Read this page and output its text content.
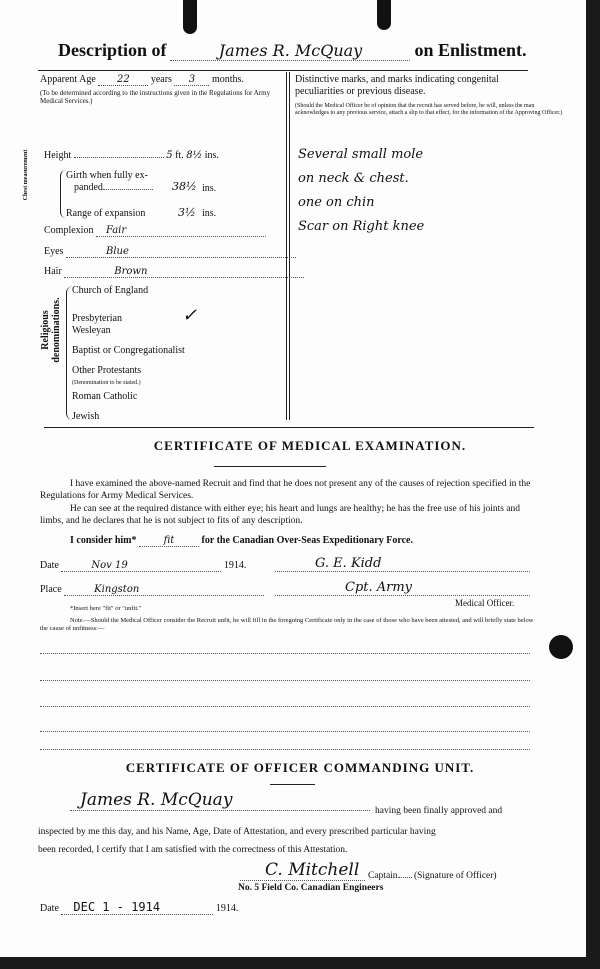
Description of	James R. McQuay	on Enlistment.
Apparent Age 22 years 3 months.
(To be determined according to the instructions given in the Regulations for Army Medical Services.)
Height	5 ft. 8½ ins.
Chest measurement	Girth when fully ex-
panded	38½ ins.
Range of expansion	3½ ins.
Complexion Fair
Eyes	Blue
Hair	Brown
Religious denominations.
Church of England
Presbyterian	✓
Wesleyan
Baptist or Congregationalist
Other Protestants
(Denomination to be stated.)
Roman Catholic
Jewish
Distinctive marks, and marks indicating congenital
peculiarities or previous disease.
(Should the Medical Officer be of opinion that the recruit has served before, he will, unless the man acknowledges to any previous service, attach a slip to that effect, for the information of the Approving Officer.)
Several small mole
on neck & chest.
one on chin
Scar on Right knee
CERTIFICATE OF MEDICAL EXAMINATION.
I have examined the above-named Recruit and find that he does not present any of the causes of rejection specified in the Regulations for Army Medical Services.
He can see at the required distance with either eye; his heart and lungs are healthy; he has the free use of his joints and limbs, and he declares that he is not subject to fits of any description.
I consider him*	fit	for the Canadian Over-Seas Expeditionary Force.
Date	Nov 19	1914.
Place	Kingston
G. E. Kidd
Cpt. Army
Medical Officer.
*Insert here "fit" or "unfit."
Note.—Should the Medical Officer consider the Recruit unfit, he will fill in the foregoing Certificate only in the case of those who have been attested, and will briefly state below the cause of unfitness:—
CERTIFICATE OF OFFICER COMMANDING UNIT.
James R. McQuay
having been finally approved and
inspected by me this day, and his Name, Age, Date of Attestation, and every prescribed particular having
been recorded, I certify that I am satisfied with the correctness of this Attestation.
C. Mitchell Captain (Signature of Officer)
No. 5 Field Co. Canadian Engineers
Date DEC 1 - 1914	1914.
